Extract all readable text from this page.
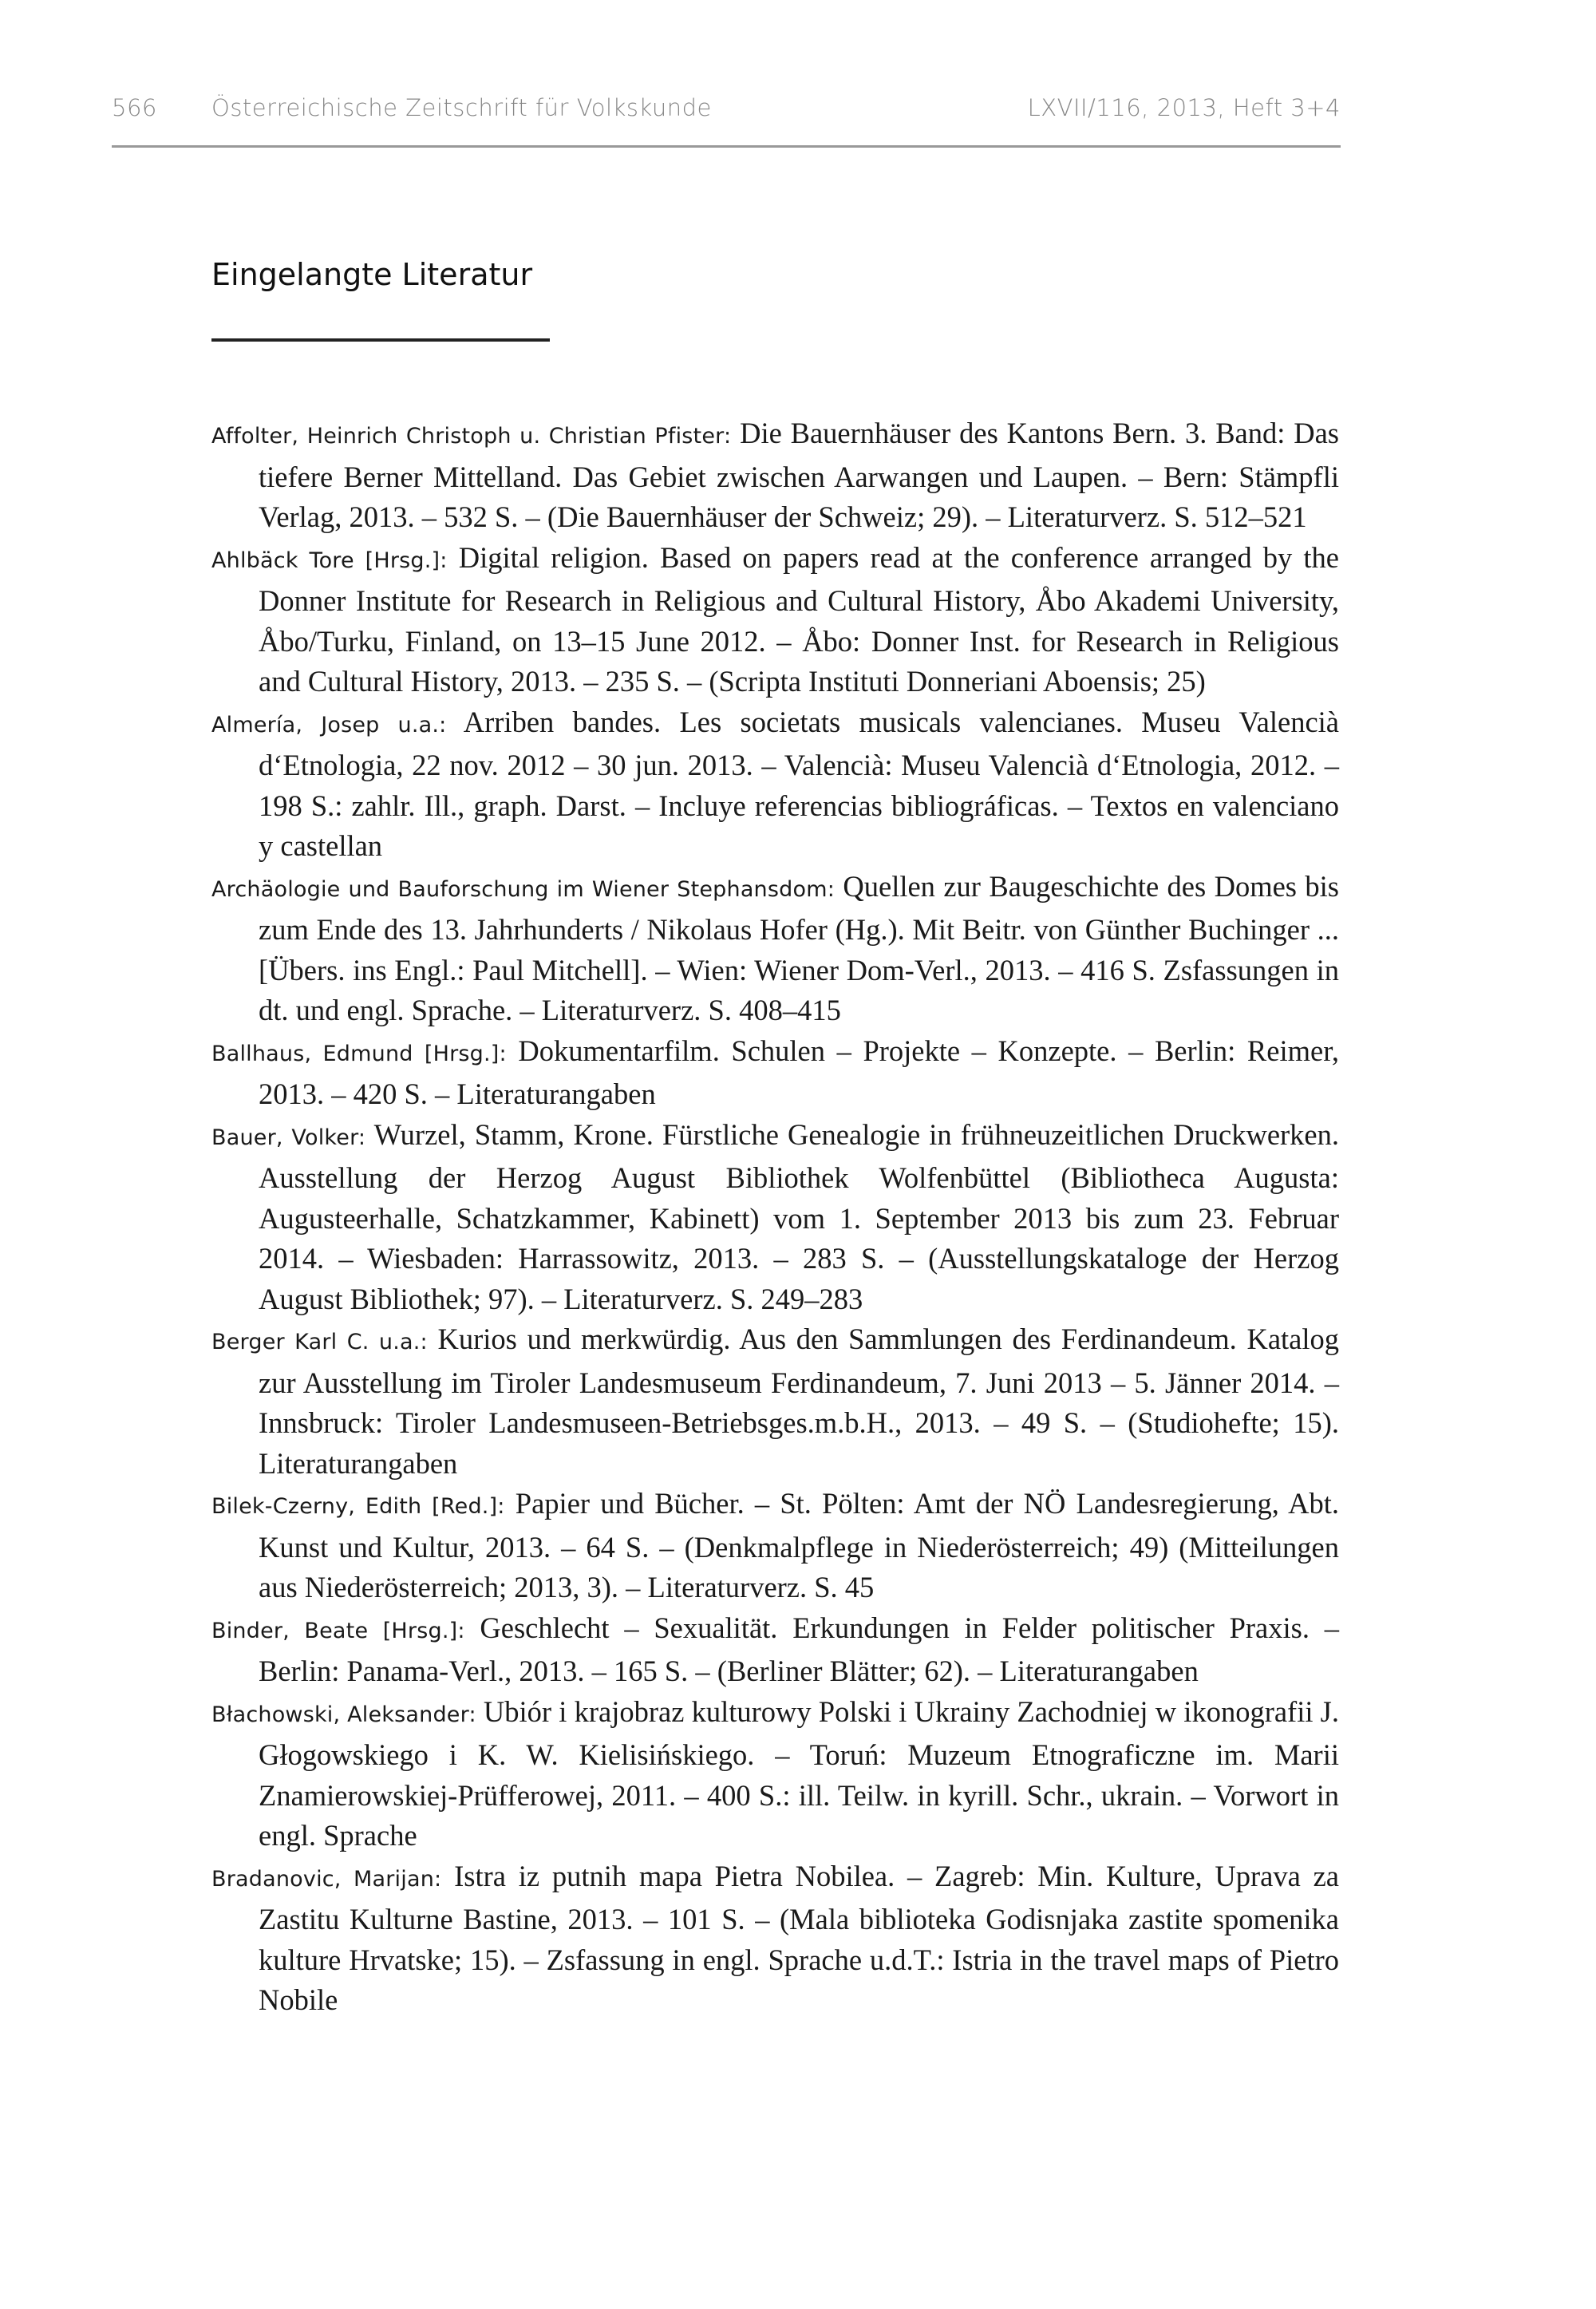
566 Österreichische Zeitschrift für Volkskunde	LXVII/116, 2013, Heft 3+4
Eingelangte Literatur
Affolter, Heinrich Christoph u. Christian Pfister: Die Bauernhäuser des Kantons Bern. 3. Band: Das tiefere Berner Mittelland. Das Gebiet zwischen Aarwangen und Laupen. – Bern: Stämpfli Verlag, 2013. – 532 S. – (Die Bauernhäuser der Schweiz; 29). – Literaturverz. S. 512–521
Ahlbäck Tore [Hrsg.]: Digital religion. Based on papers read at the conference arranged by the Donner Institute for Research in Religious and Cultural History, Åbo Akademi University, Åbo/Turku, Finland, on 13–15 June 2012. – Åbo: Donner Inst. for Research in Religious and Cultural History, 2013. – 235 S. – (Scripta Instituti Donneriani Aboensis; 25)
Almería, Josep u.a.: Arriben bandes. Les societats musicals valencianes. Museu Valencià d‘Etnologia, 22 nov. 2012 – 30 jun. 2013. – Valencià: Museu Valencià d‘Etnologia, 2012. – 198 S.: zahlr. Ill., graph. Darst. – Incluye referencias bibliográficas. – Textos en valenciano y castellan
Archäologie und Bauforschung im Wiener Stephansdom: Quellen zur Baugeschichte des Domes bis zum Ende des 13. Jahrhunderts / Nikolaus Hofer (Hg.). Mit Beitr. von Günther Buchinger ... [Übers. ins Engl.: Paul Mitchell]. – Wien: Wiener Dom-Verl., 2013. – 416 S. Zsfassungen in dt. und engl. Sprache. – Literaturverz. S. 408–415
Ballhaus, Edmund [Hrsg.]: Dokumentarfilm. Schulen – Projekte – Konzepte. – Berlin: Reimer, 2013. – 420 S. – Literaturangaben
Bauer, Volker: Wurzel, Stamm, Krone. Fürstliche Genealogie in frühneuzeitlichen Druckwerken. Ausstellung der Herzog August Bibliothek Wolfenbüttel (Bibliotheca Augusta: Augusteerhalle, Schatzkammer, Kabinett) vom 1. September 2013 bis zum 23. Februar 2014. – Wiesbaden: Harrassowitz, 2013. – 283 S. – (Ausstellungskataloge der Herzog August Bibliothek; 97). – Literaturverz. S. 249–283
Berger Karl C. u.a.: Kurios und merkwürdig. Aus den Sammlungen des Ferdinandeum. Katalog zur Ausstellung im Tiroler Landesmuseum Ferdinandeum, 7. Juni 2013 – 5. Jänner 2014. – Innsbruck: Tiroler Landesmuseen-Betriebsges.m.b.H., 2013. – 49 S. – (Studiohefte; 15). Literaturangaben
Bilek-Czerny, Edith [Red.]: Papier und Bücher. – St. Pölten: Amt der NÖ Landesregierung, Abt. Kunst und Kultur, 2013. – 64 S. – (Denkmalpflege in Niederösterreich; 49) (Mitteilungen aus Niederösterreich; 2013, 3). – Literaturverz. S. 45
Binder, Beate [Hrsg.]: Geschlecht – Sexualität. Erkundungen in Felder politischer Praxis. – Berlin: Panama-Verl., 2013. – 165 S. – (Berliner Blätter; 62). – Literaturangaben
Błachowski, Aleksander: Ubiór i krajobraz kulturowy Polski i Ukrainy Zachodniej w ikonografii J. Głogowskiego i K. W. Kielisińskiego. – Toruń: Muzeum Etnograficzne im. Marii Znamierowskiej-Prüfferowej, 2011. – 400 S.: ill. Teilw. in kyrill. Schr., ukrain. – Vorwort in engl. Sprache
Bradanovic, Marijan: Istra iz putnih mapa Pietra Nobilea. – Zagreb: Min. Kulture, Uprava za Zastitu Kulturne Bastine, 2013. – 101 S. – (Mala biblioteka Godisnjaka zastite spomenika kulture Hrvatske; 15). – Zsfassung in engl. Sprache u.d.T.: Istria in the travel maps of Pietro Nobile
